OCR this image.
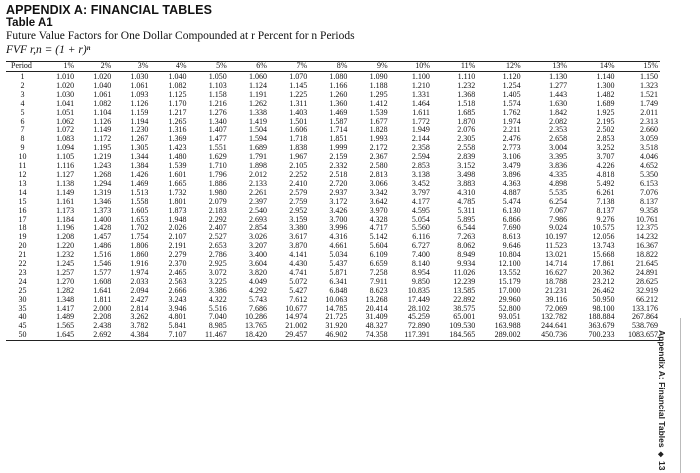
APPENDIX A: FINANCIAL TABLES
Table A1
Future Value Factors for One Dollar Compounded at r Percent for n Periods
FVF r,n = (1 + r)ⁿ
Period	1%	2%	3%	4%	5%	6%	7%	8%	9%	10%	11%	12%	13%	14%	15%
1	1.010	1.020	1.030	1.040	1.050	1.060	1.070	1.080	1.090	1.100	1.110	1.120	1.130	1.140	1.150
2	1.020	1.040	1.061	1.082	1.103	1.124	1.145	1.166	1.188	1.210	1.232	1.254	1.277	1.300	1.323
3	1.030	1.061	1.093	1.125	1.158	1.191	1.225	1.260	1.295	1.331	1.368	1.405	1.443	1.482	1.521
4	1.041	1.082	1.126	1.170	1.216	1.262	1.311	1.360	1.412	1.464	1.518	1.574	1.630	1.689	1.749
5	1.051	1.104	1.159	1.217	1.276	1.338	1.403	1.469	1.539	1.611	1.685	1.762	1.842	1.925	2.011
6	1.062	1.126	1.194	1.265	1.340	1.419	1.501	1.587	1.677	1.772	1.870	1.974	2.082	2.195	2.313
7	1.072	1.149	1.230	1.316	1.407	1.504	1.606	1.714	1.828	1.949	2.076	2.211	2.353	2.502	2.660
8	1.083	1.172	1.267	1.369	1.477	1.594	1.718	1.851	1.993	2.144	2.305	2.476	2.658	2.853	3.059
9	1.094	1.195	1.305	1.423	1.551	1.689	1.838	1.999	2.172	2.358	2.558	2.773	3.004	3.252	3.518
10	1.105	1.219	1.344	1.480	1.629	1.791	1.967	2.159	2.367	2.594	2.839	3.106	3.395	3.707	4.046
11	1.116	1.243	1.384	1.539	1.710	1.898	2.105	2.332	2.580	2.853	3.152	3.479	3.836	4.226	4.652
12	1.127	1.268	1.426	1.601	1.796	2.012	2.252	2.518	2.813	3.138	3.498	3.896	4.335	4.818	5.350
13	1.138	1.294	1.469	1.665	1.886	2.133	2.410	2.720	3.066	3.452	3.883	4.363	4.898	5.492	6.153
14	1.149	1.319	1.513	1.732	1.980	2.261	2.579	2.937	3.342	3.797	4.310	4.887	5.535	6.261	7.076
15	1.161	1.346	1.558	1.801	2.079	2.397	2.759	3.172	3.642	4.177	4.785	5.474	6.254	7.138	8.137
16	1.173	1.373	1.605	1.873	2.183	2.540	2.952	3.426	3.970	4.595	5.311	6.130	7.067	8.137	9.358
17	1.184	1.400	1.653	1.948	2.292	2.693	3.159	3.700	4.328	5.054	5.895	6.866	7.986	9.276	10.761
18	1.196	1.428	1.702	2.026	2.407	2.854	3.380	3.996	4.717	5.560	6.544	7.690	9.024	10.575	12.375
19	1.208	1.457	1.754	2.107	2.527	3.026	3.617	4.316	5.142	6.116	7.263	8.613	10.197	12.056	14.232
20	1.220	1.486	1.806	2.191	2.653	3.207	3.870	4.661	5.604	6.727	8.062	9.646	11.523	13.743	16.367
21	1.232	1.516	1.860	2.279	2.786	3.400	4.141	5.034	6.109	7.400	8.949	10.804	13.021	15.668	18.822
22	1.245	1.546	1.916	2.370	2.925	3.604	4.430	5.437	6.659	8.140	9.934	12.100	14.714	17.861	21.645
23	1.257	1.577	1.974	2.465	3.072	3.820	4.741	5.871	7.258	8.954	11.026	13.552	16.627	20.362	24.891
24	1.270	1.608	2.033	2.563	3.225	4.049	5.072	6.341	7.911	9.850	12.239	15.179	18.788	23.212	28.625
25	1.282	1.641	2.094	2.666	3.386	4.292	5.427	6.848	8.623	10.835	13.585	17.000	21.231	26.462	32.919
30	1.348	1.811	2.427	3.243	4.322	5.743	7.612	10.063	13.268	17.449	22.892	29.960	39.116	50.950	66.212
35	1.417	2.000	2.814	3.946	5.516	7.686	10.677	14.785	20.414	28.102	38.575	52.800	72.069	98.100	133.176
40	1.489	2.208	3.262	4.801	7.040	10.286	14.974	21.725	31.409	45.259	65.001	93.051	132.782	188.884	267.864
45	1.565	2.438	3.782	5.841	8.985	13.765	21.002	31.920	48.327	72.890	109.530	163.988	244.641	363.679	538.769
50	1.645	2.692	4.384	7.107	11.467	18.420	29.457	46.902	74.358	117.391	184.565	289.002	450.736	700.233	1083.657 Appendix A: Financial Tables◆13
